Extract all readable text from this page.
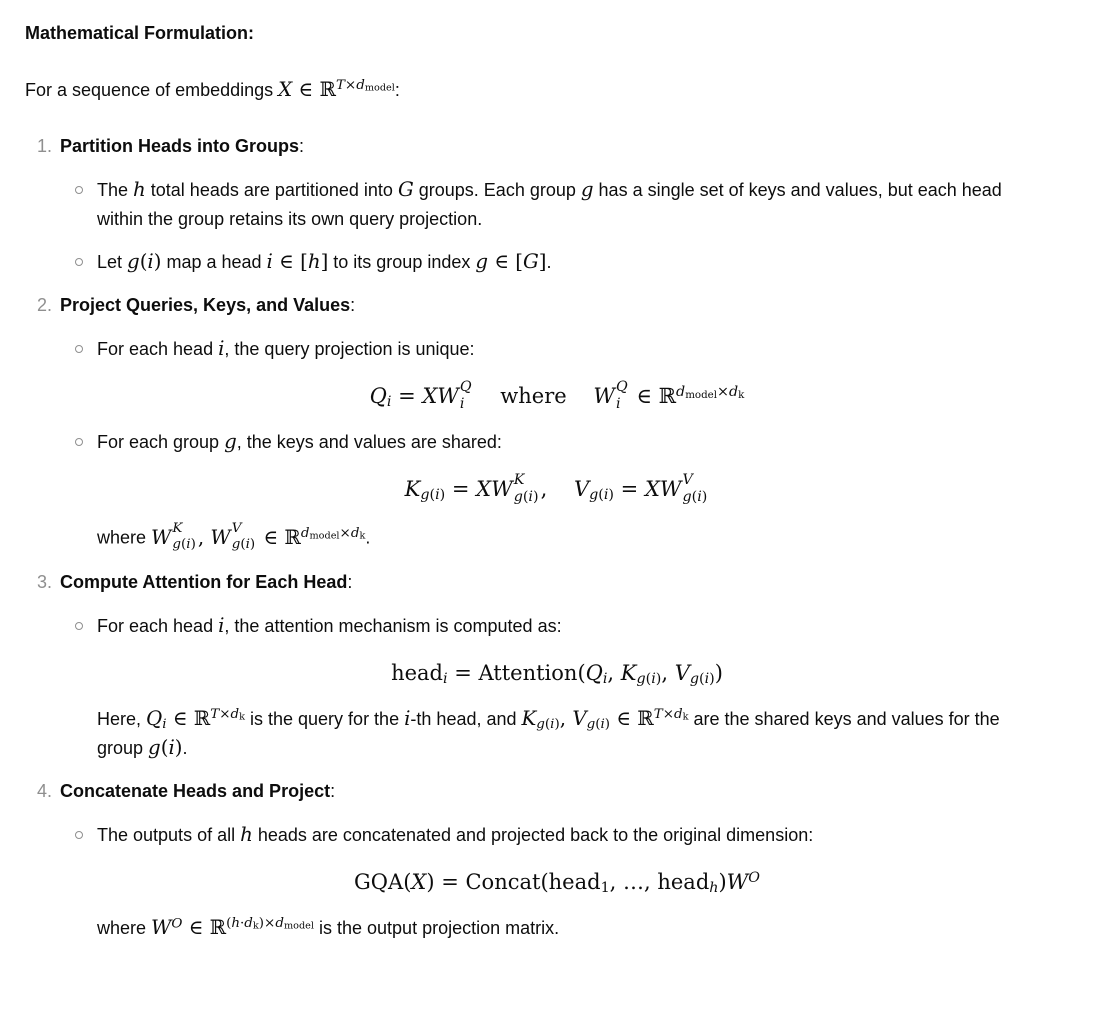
Mathematical Formulation:

For a sequence of embeddings X ∈ ℝ$^{T\times d_{model}}$:

1. Partition Heads into Groups:

The h total heads are partitioned into G groups. Each group g has a single set of keys and values, but each head within the group retains its own query projection.

Let g(i) map a head i ∈ [h] to its group index g ∈ [G].

2. Project Queries, Keys, and Values:

For each head i, the query projection is unique:

$Q_i$ = XW Q
i where    W Q
i ∈ ℝ$^{d_{model}\times d_k}$

For each group g, the keys and values are shared:

$K_{g(i)}$ = XW K
g(i) ,    $V_{g(i)}$ = XW V
g(i)

where W K
g(i) , W V
g(i) ∈ ℝ$^{d_{model}\times d_k}$.

3. Compute Attention for Each Head:

For each head i, the attention mechanism is computed as:

head$_i$ = $Attention(Q_i$, $K_{g(i)}$, $V_{g(i)}$)

Here, $Q_i$ ∈ ℝ$^{T\times d_k}$ is the query for the i-th head, and $K_{g(i)}$, $V_{g(i)}$ ∈ ℝ$^{T\times d_k}$ are the shared keys and values for the group g(i).

4. Concatenate Heads and Project:

The outputs of all h heads are concatenated and projected back to the original dimension:

GQA(X) = Concat(head$_1$, …, $head_h)W^O$

where $W^O$ ∈ ℝ$^{(h\cdot d_k)\times d_{model}}$ is the output projection matrix.
